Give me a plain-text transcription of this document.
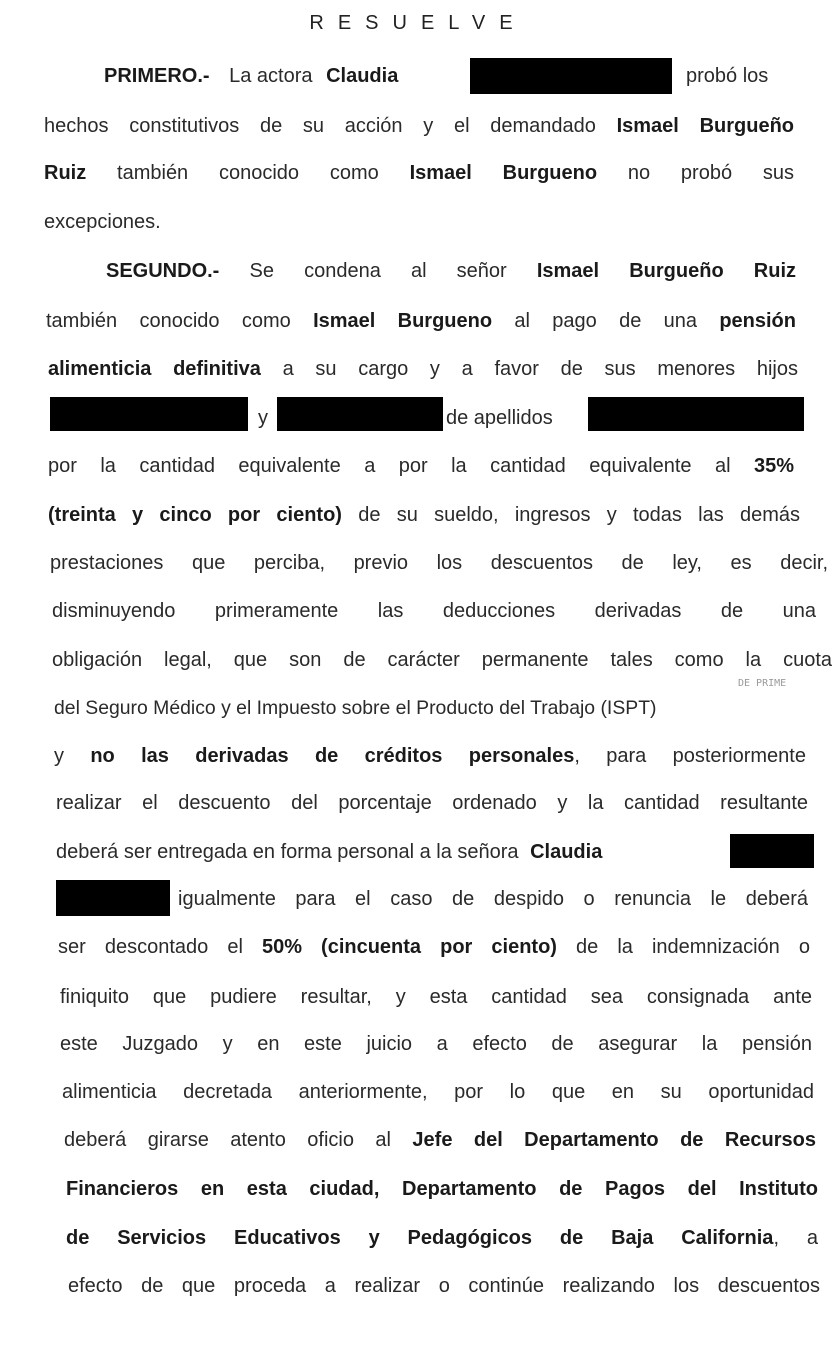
RESUELVE
PRIMERO.- La actora Claudia	probó los
hechos constitutivos de su acción y el demandado Ismael Burgueño
Ruiz también conocido como Ismael Burgueno no probó sus
excepciones.
SEGUNDO.- Se condena al señor Ismael Burgueño Ruiz
también conocido como Ismael Burgueno al pago de una pensión
alimenticia definitiva a su cargo y a favor de sus menores hijos
y	de apellidos
por la cantidad equivalente a por la cantidad equivalente al 35%
(treinta y cinco por ciento) de su sueldo, ingresos y todas las demás
prestaciones que perciba, previo los descuentos de ley, es decir,
disminuyendo primeramente las deducciones derivadas de una
obligación legal, que son de carácter permanente tales como la cuota
del Seguro Médico y el Impuesto sobre el Producto del Trabajo (ISPT)
DE PRIME
y no las derivadas de créditos personales, para posteriormente
realizar el descuento del porcentaje ordenado y la cantidad resultante
deberá ser entregada en forma personal a la señora Claudia
igualmente para el caso de despido o renuncia le deberá
ser descontado el 50% (cincuenta por ciento) de la indemnización o
finiquito que pudiere resultar, y esta cantidad sea consignada ante
este Juzgado y en este juicio a efecto de asegurar la pensión
alimenticia decretada anteriormente, por lo que en su oportunidad
deberá girarse atento oficio al Jefe del Departamento de Recursos
Financieros en esta ciudad, Departamento de Pagos del Instituto
de Servicios Educativos y Pedagógicos de Baja California, a
efecto de que proceda a realizar o continúe realizando los descuentos
